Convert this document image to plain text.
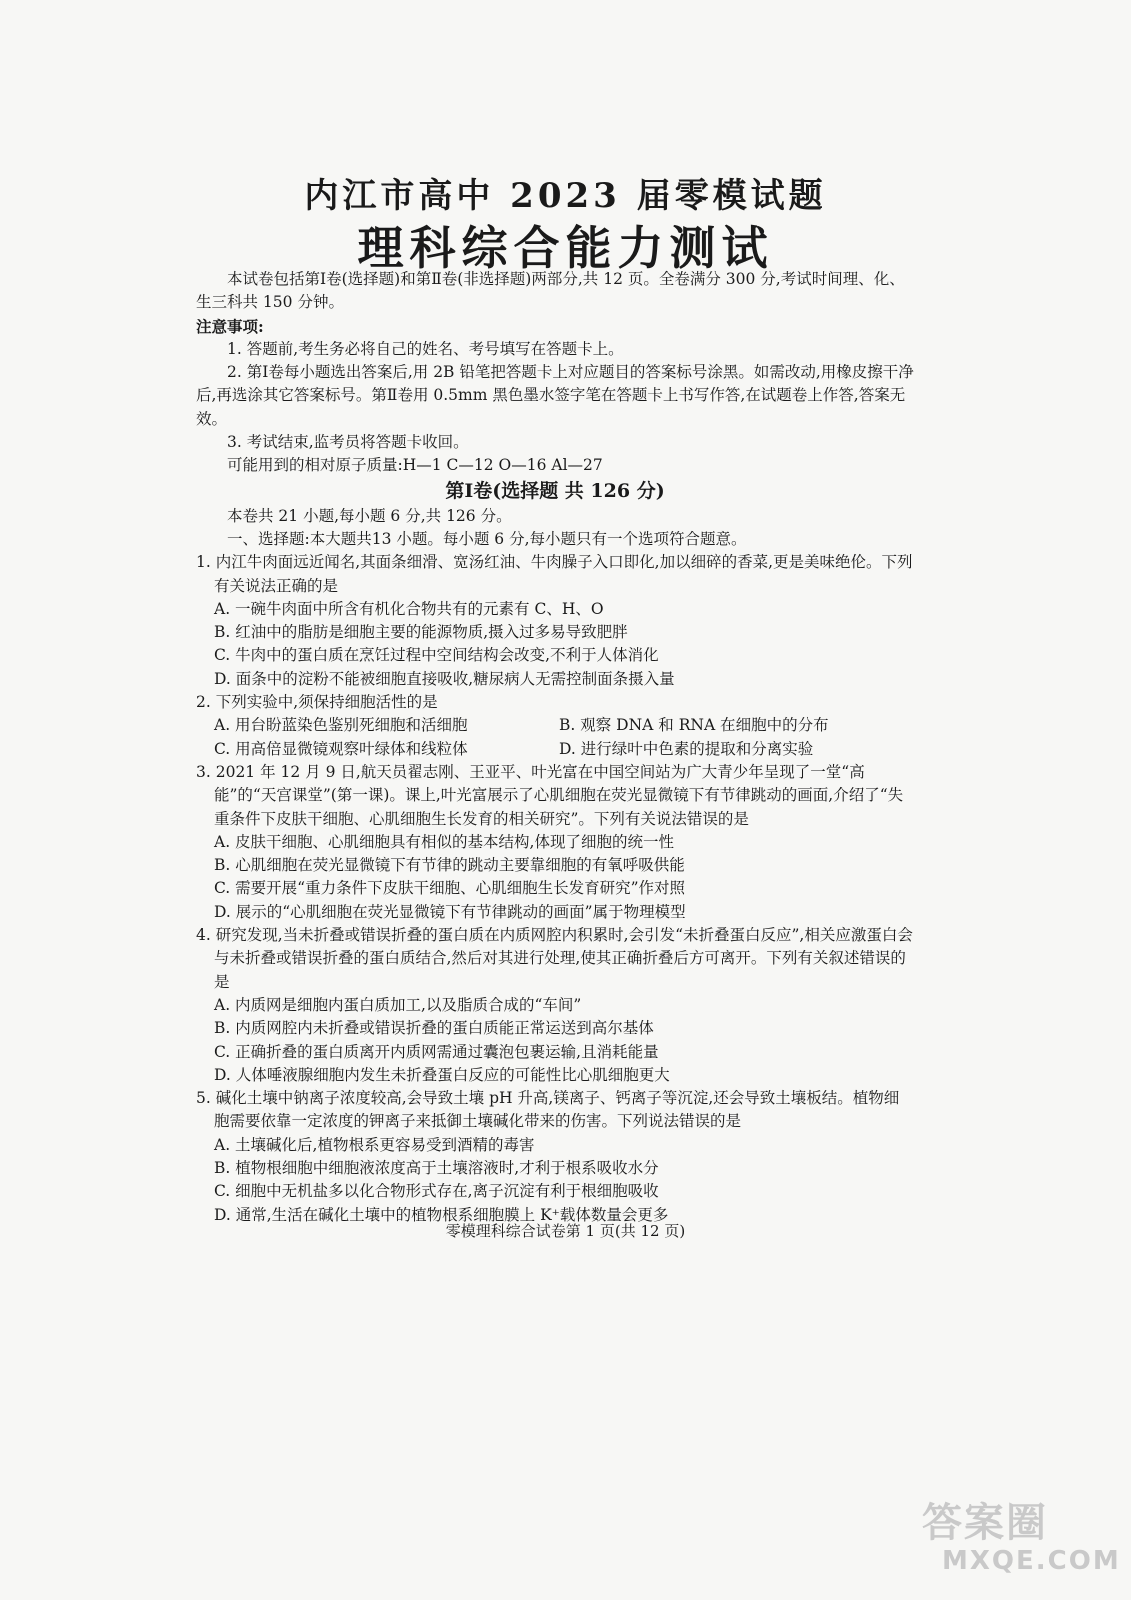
内江市高中 2023 届零模试题
理科综合能力测试

本试卷包括第Ⅰ卷(选择题)和第Ⅱ卷(非选择题)两部分,共 12 页。全卷满分 300 分,考试时间理、化、生三科共 150 分钟。

注意事项:

1. 答题前,考生务必将自己的姓名、考号填写在答题卡上。

2. 第Ⅰ卷每小题选出答案后,用 2B 铅笔把答题卡上对应题目的答案标号涂黑。如需改动,用橡皮擦干净后,再选涂其它答案标号。第Ⅱ卷用 0.5mm 黑色墨水签字笔在答题卡上书写作答,在试题卷上作答,答案无效。

3. 考试结束,监考员将答题卡收回。

可能用到的相对原子质量:H—1 C—12 O—16 Al—27

第Ⅰ卷(选择题 共 126 分)

本卷共 21 小题,每小题 6 分,共 126 分。

一、选择题:本大题共13 小题。每小题 6 分,每小题只有一个选项符合题意。

1. 内江牛肉面远近闻名,其面条细滑、宽汤红油、牛肉臊子入口即化,加以细碎的香菜,更是美味绝伦。下列有关说法正确的是

A. 一碗牛肉面中所含有机化合物共有的元素有 C、H、O

B. 红油中的脂肪是细胞主要的能源物质,摄入过多易导致肥胖

C. 牛肉中的蛋白质在烹饪过程中空间结构会改变,不利于人体消化

D. 面条中的淀粉不能被细胞直接吸收,糖尿病人无需控制面条摄入量

2. 下列实验中,须保持细胞活性的是

A. 用台盼蓝染色鉴别死细胞和活细胞	B. 观察 DNA 和 RNA 在细胞中的分布
C. 用高倍显微镜观察叶绿体和线粒体	D. 进行绿叶中色素的提取和分离实验

3. 2021 年 12 月 9 日,航天员翟志刚、王亚平、叶光富在中国空间站为广大青少年呈现了一堂“高能”的“天宫课堂”(第一课)。课上,叶光富展示了心肌细胞在荧光显微镜下有节律跳动的画面,介绍了“失重条件下皮肤干细胞、心肌细胞生长发育的相关研究”。下列有关说法错误的是

A. 皮肤干细胞、心肌细胞具有相似的基本结构,体现了细胞的统一性

B. 心肌细胞在荧光显微镜下有节律的跳动主要靠细胞的有氧呼吸供能

C. 需要开展“重力条件下皮肤干细胞、心肌细胞生长发育研究”作对照

D. 展示的“心肌细胞在荧光显微镜下有节律跳动的画面”属于物理模型

4. 研究发现,当未折叠或错误折叠的蛋白质在内质网腔内积累时,会引发“未折叠蛋白反应”,相关应激蛋白会与未折叠或错误折叠的蛋白质结合,然后对其进行处理,使其正确折叠后方可离开。下列有关叙述错误的是

A. 内质网是细胞内蛋白质加工,以及脂质合成的“车间”

B. 内质网腔内未折叠或错误折叠的蛋白质能正常运送到高尔基体

C. 正确折叠的蛋白质离开内质网需通过囊泡包裹运输,且消耗能量

D. 人体唾液腺细胞内发生未折叠蛋白反应的可能性比心肌细胞更大

5. 碱化土壤中钠离子浓度较高,会导致土壤 pH 升高,镁离子、钙离子等沉淀,还会导致土壤板结。植物细胞需要依靠一定浓度的钾离子来抵御土壤碱化带来的伤害。下列说法错误的是

A. 土壤碱化后,植物根系更容易受到酒精的毒害

B. 植物根细胞中细胞液浓度高于土壤溶液时,才利于根系吸收水分

C. 细胞中无机盐多以化合物形式存在,离子沉淀有利于根细胞吸收

D. 通常,生活在碱化土壤中的植物根系细胞膜上 K⁺载体数量会更多

零模理科综合试卷第 1 页(共 12 页)
答案圈
MXQE.COM
